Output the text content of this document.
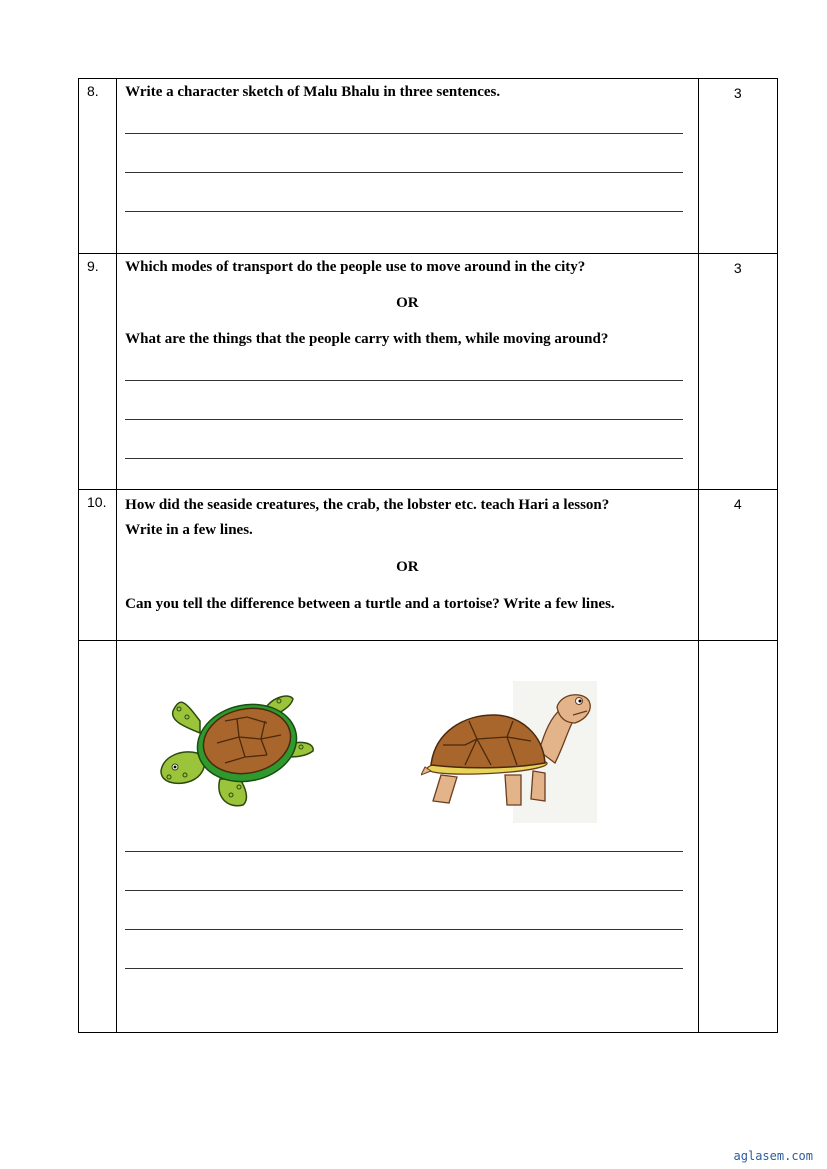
8.	Write a character sketch of Malu Bhalu in three sentences.	3

9.	Which modes of transport do the people use to move around in the city?
OR
What are the things that the people carry with them, while moving around?	3

10.	How did the seaside creatures, the crab, the lobster etc. teach Hari a lesson?
Write in a few lines.
OR
Can you tell the difference between a turtle and a tortoise? Write a few lines.	4

aglasem.com
